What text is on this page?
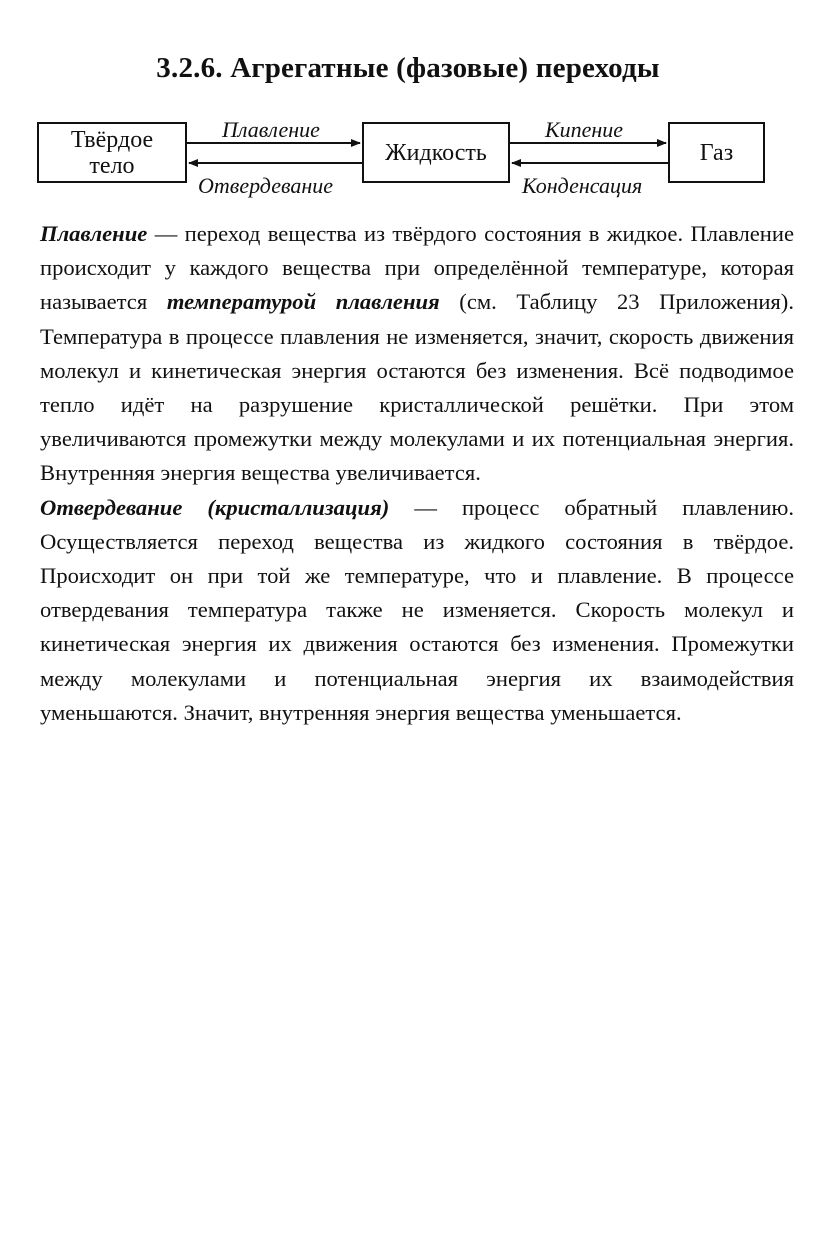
3.2.6. Агрегатные (фазовые) переходы
Твёрдое
тело	Жидкость	Газ
Плавление
Отвердевание
Кипение
Конденсация

Плавление — переход вещества из твёрдого состояния в жидкое. Плавление происходит у каждого вещества при определённой температуре, которая называется температурой плавления (см. Таблицу 23 Приложения). Температура в процессе плавления не изменяется, значит, скорость движения молекул и кинетическая энергия остаются без изменения. Всё подводимое тепло идёт на разрушение кристаллической решётки. При этом увеличиваются промежутки между молекулами и их потенциальная энергия. Внутренняя энергия вещества увеличивается.

Отвердевание (кристаллизация) — процесс обратный плавлению. Осуществляется переход вещества из жидкого состояния в твёрдое. Происходит он при той же температуре, что и плавление. В процессе отвердевания температура также не изменяется. Скорость молекул и кинетическая энергия их движения остаются без изменения. Промежутки между молекулами и потенциальная энергия их взаимодействия уменьшаются. Значит, внутренняя энергия вещества уменьшается.
